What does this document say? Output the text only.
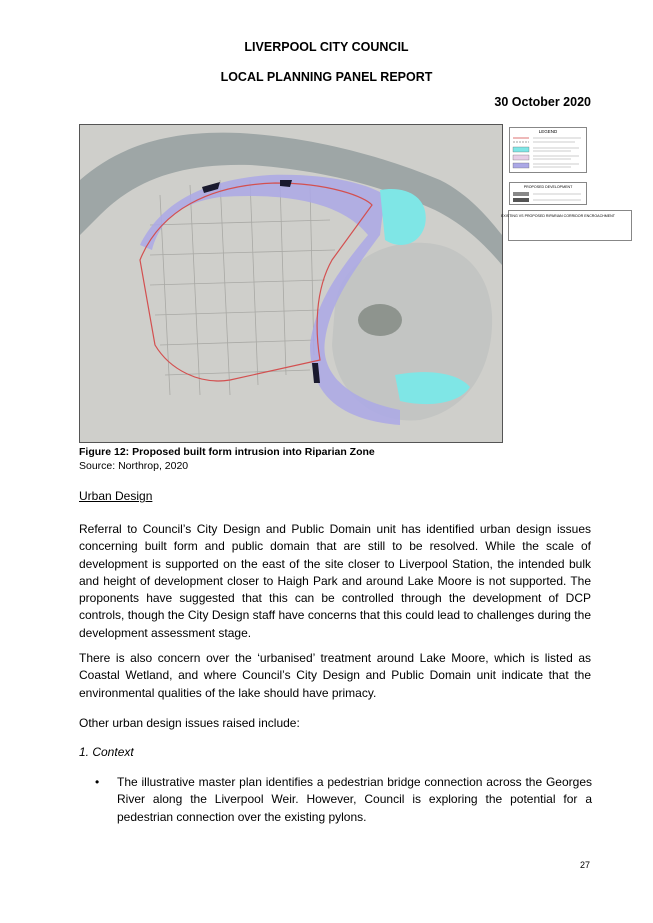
LIVERPOOL CITY COUNCIL
LOCAL PLANNING PANEL REPORT
30 October 2020
LEGEND
PROPOSED DEVELOPMENT
EXISTING VS PROPOSED RIPARIAN CORRIDOR ENCROACHMENT
Figure 12: Proposed built form intrusion into Riparian Zone
Source: Northrop, 2020
Urban Design
Referral to Council’s City Design and Public Domain unit has identified urban design issues concerning built form and public domain that are still to be resolved. While the scale of development is supported on the east of the site closer to Liverpool Station, the intended bulk and height of development closer to Haigh Park and around Lake Moore is not supported. The proponents have suggested that this can be controlled through the development of DCP controls, though the City Design staff have concerns that this could lead to challenges during the development assessment stage.
There is also concern over the ‘urbanised’ treatment around Lake Moore, which is listed as Coastal Wetland, and where Council’s City Design and Public Domain unit indicate that the environmental qualities of the lake should have primacy.
Other urban design issues raised include:
1. Context
• The illustrative master plan identifies a pedestrian bridge connection across the Georges River along the Liverpool Weir. However, Council is exploring the potential for a pedestrian connection over the existing pylons.
27
